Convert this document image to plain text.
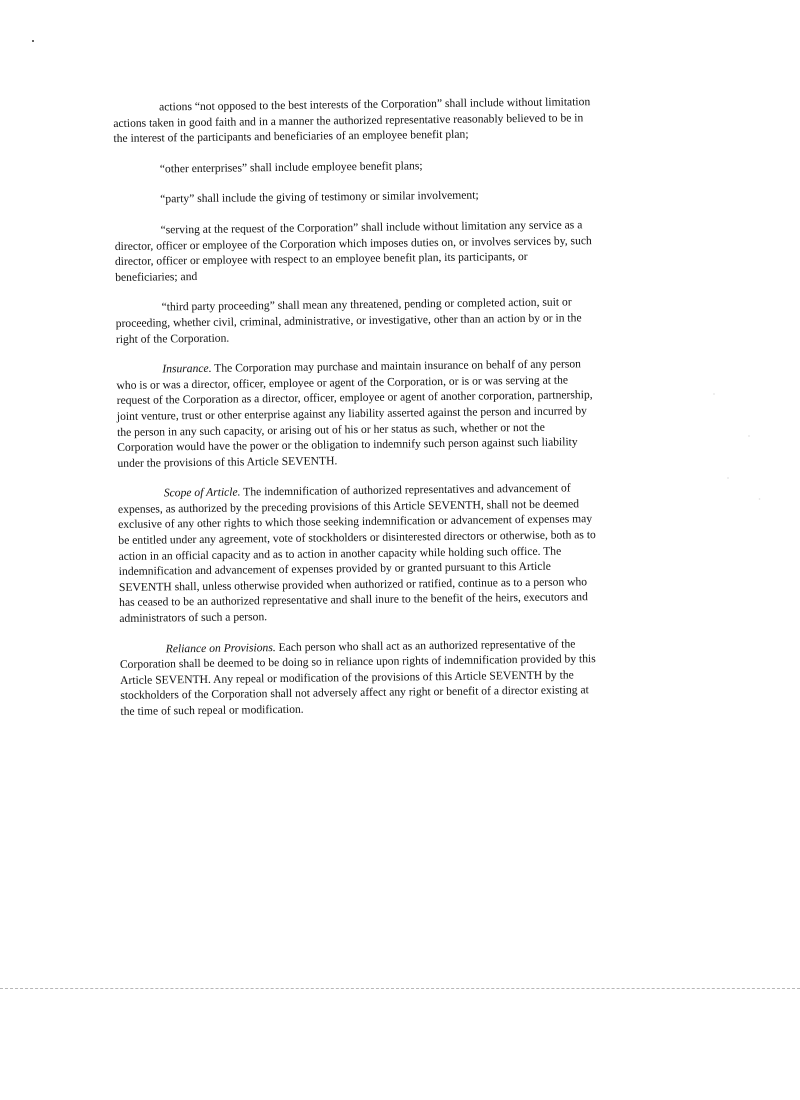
actions “not opposed to the best interests of the Corporation” shall include without limitation actions taken in good faith and in a manner the authorized representative reasonably believed to be in the interest of the participants and beneficiaries of an employee benefit plan;

“other enterprises” shall include employee benefit plans;

“party” shall include the giving of testimony or similar involvement;

“serving at the request of the Corporation” shall include without limitation any service as a director, officer or employee of the Corporation which imposes duties on, or involves services by, such director, officer or employee with respect to an employee benefit plan, its participants, or beneficiaries; and

“third party proceeding” shall mean any threatened, pending or completed action, suit or proceeding, whether civil, criminal, administrative, or investigative, other than an action by or in the right of the Corporation.

Insurance. The Corporation may purchase and maintain insurance on behalf of any person who is or was a director, officer, employee or agent of the Corporation, or is or was serving at the request of the Corporation as a director, officer, employee or agent of another corporation, partnership, joint venture, trust or other enterprise against any liability asserted against the person and incurred by the person in any such capacity, or arising out of his or her status as such, whether or not the Corporation would have the power or the obligation to indemnify such person against such liability under the provisions of this Article SEVENTH.

Scope of Article. The indemnification of authorized representatives and advancement of expenses, as authorized by the preceding provisions of this Article SEVENTH, shall not be deemed exclusive of any other rights to which those seeking indemnification or advancement of expenses may be entitled under any agreement, vote of stockholders or disinterested directors or otherwise, both as to action in an official capacity and as to action in another capacity while holding such office. The indemnification and advancement of expenses provided by or granted pursuant to this Article SEVENTH shall, unless otherwise provided when authorized or ratified, continue as to a person who has ceased to be an authorized representative and shall inure to the benefit of the heirs, executors and administrators of such a person.

Reliance on Provisions. Each person who shall act as an authorized representative of the Corporation shall be deemed to be doing so in reliance upon rights of indemnification provided by this Article SEVENTH. Any repeal or modification of the provisions of this Article SEVENTH by the stockholders of the Corporation shall not adversely affect any right or benefit of a director existing at the time of such repeal or modification.
